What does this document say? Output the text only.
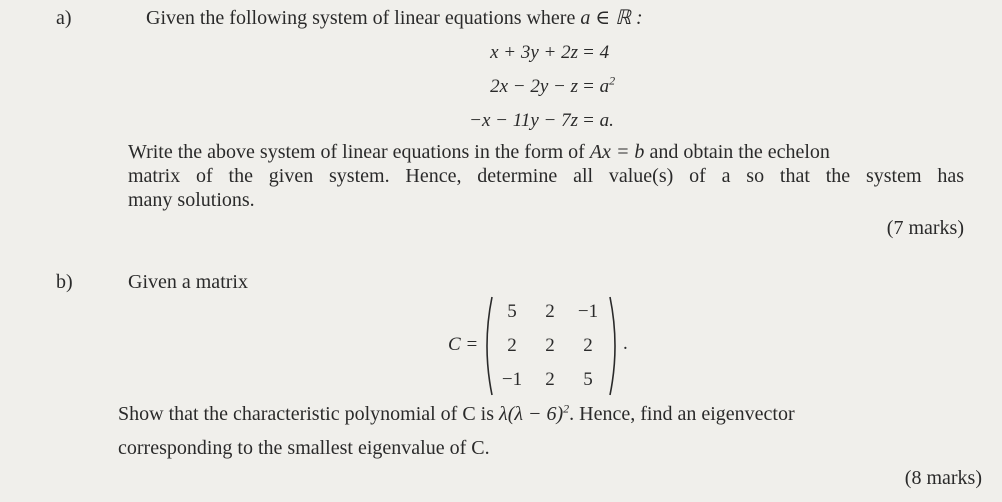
a)	Given the following system of linear equations where a ∈ ℝ :
x + 3y + 2z = 4
$2x - 2y - z = a^2$
−x − 11y − 7z = a.
Write the above system of linear equations in the form of Ax = b and obtain the echelon
matrix of the given system. Hence, determine all value(s) of a so that the system has
many solutions.
(7 marks)
b)	Given a matrix
C =
5	2	−1
2	2	2
−1	2	5
.
Show that the characteristic polynomial of C is $\lambda(\lambda - 6)^2$. Hence, find an eigenvector
corresponding to the smallest eigenvalue of C.
(8 marks)
